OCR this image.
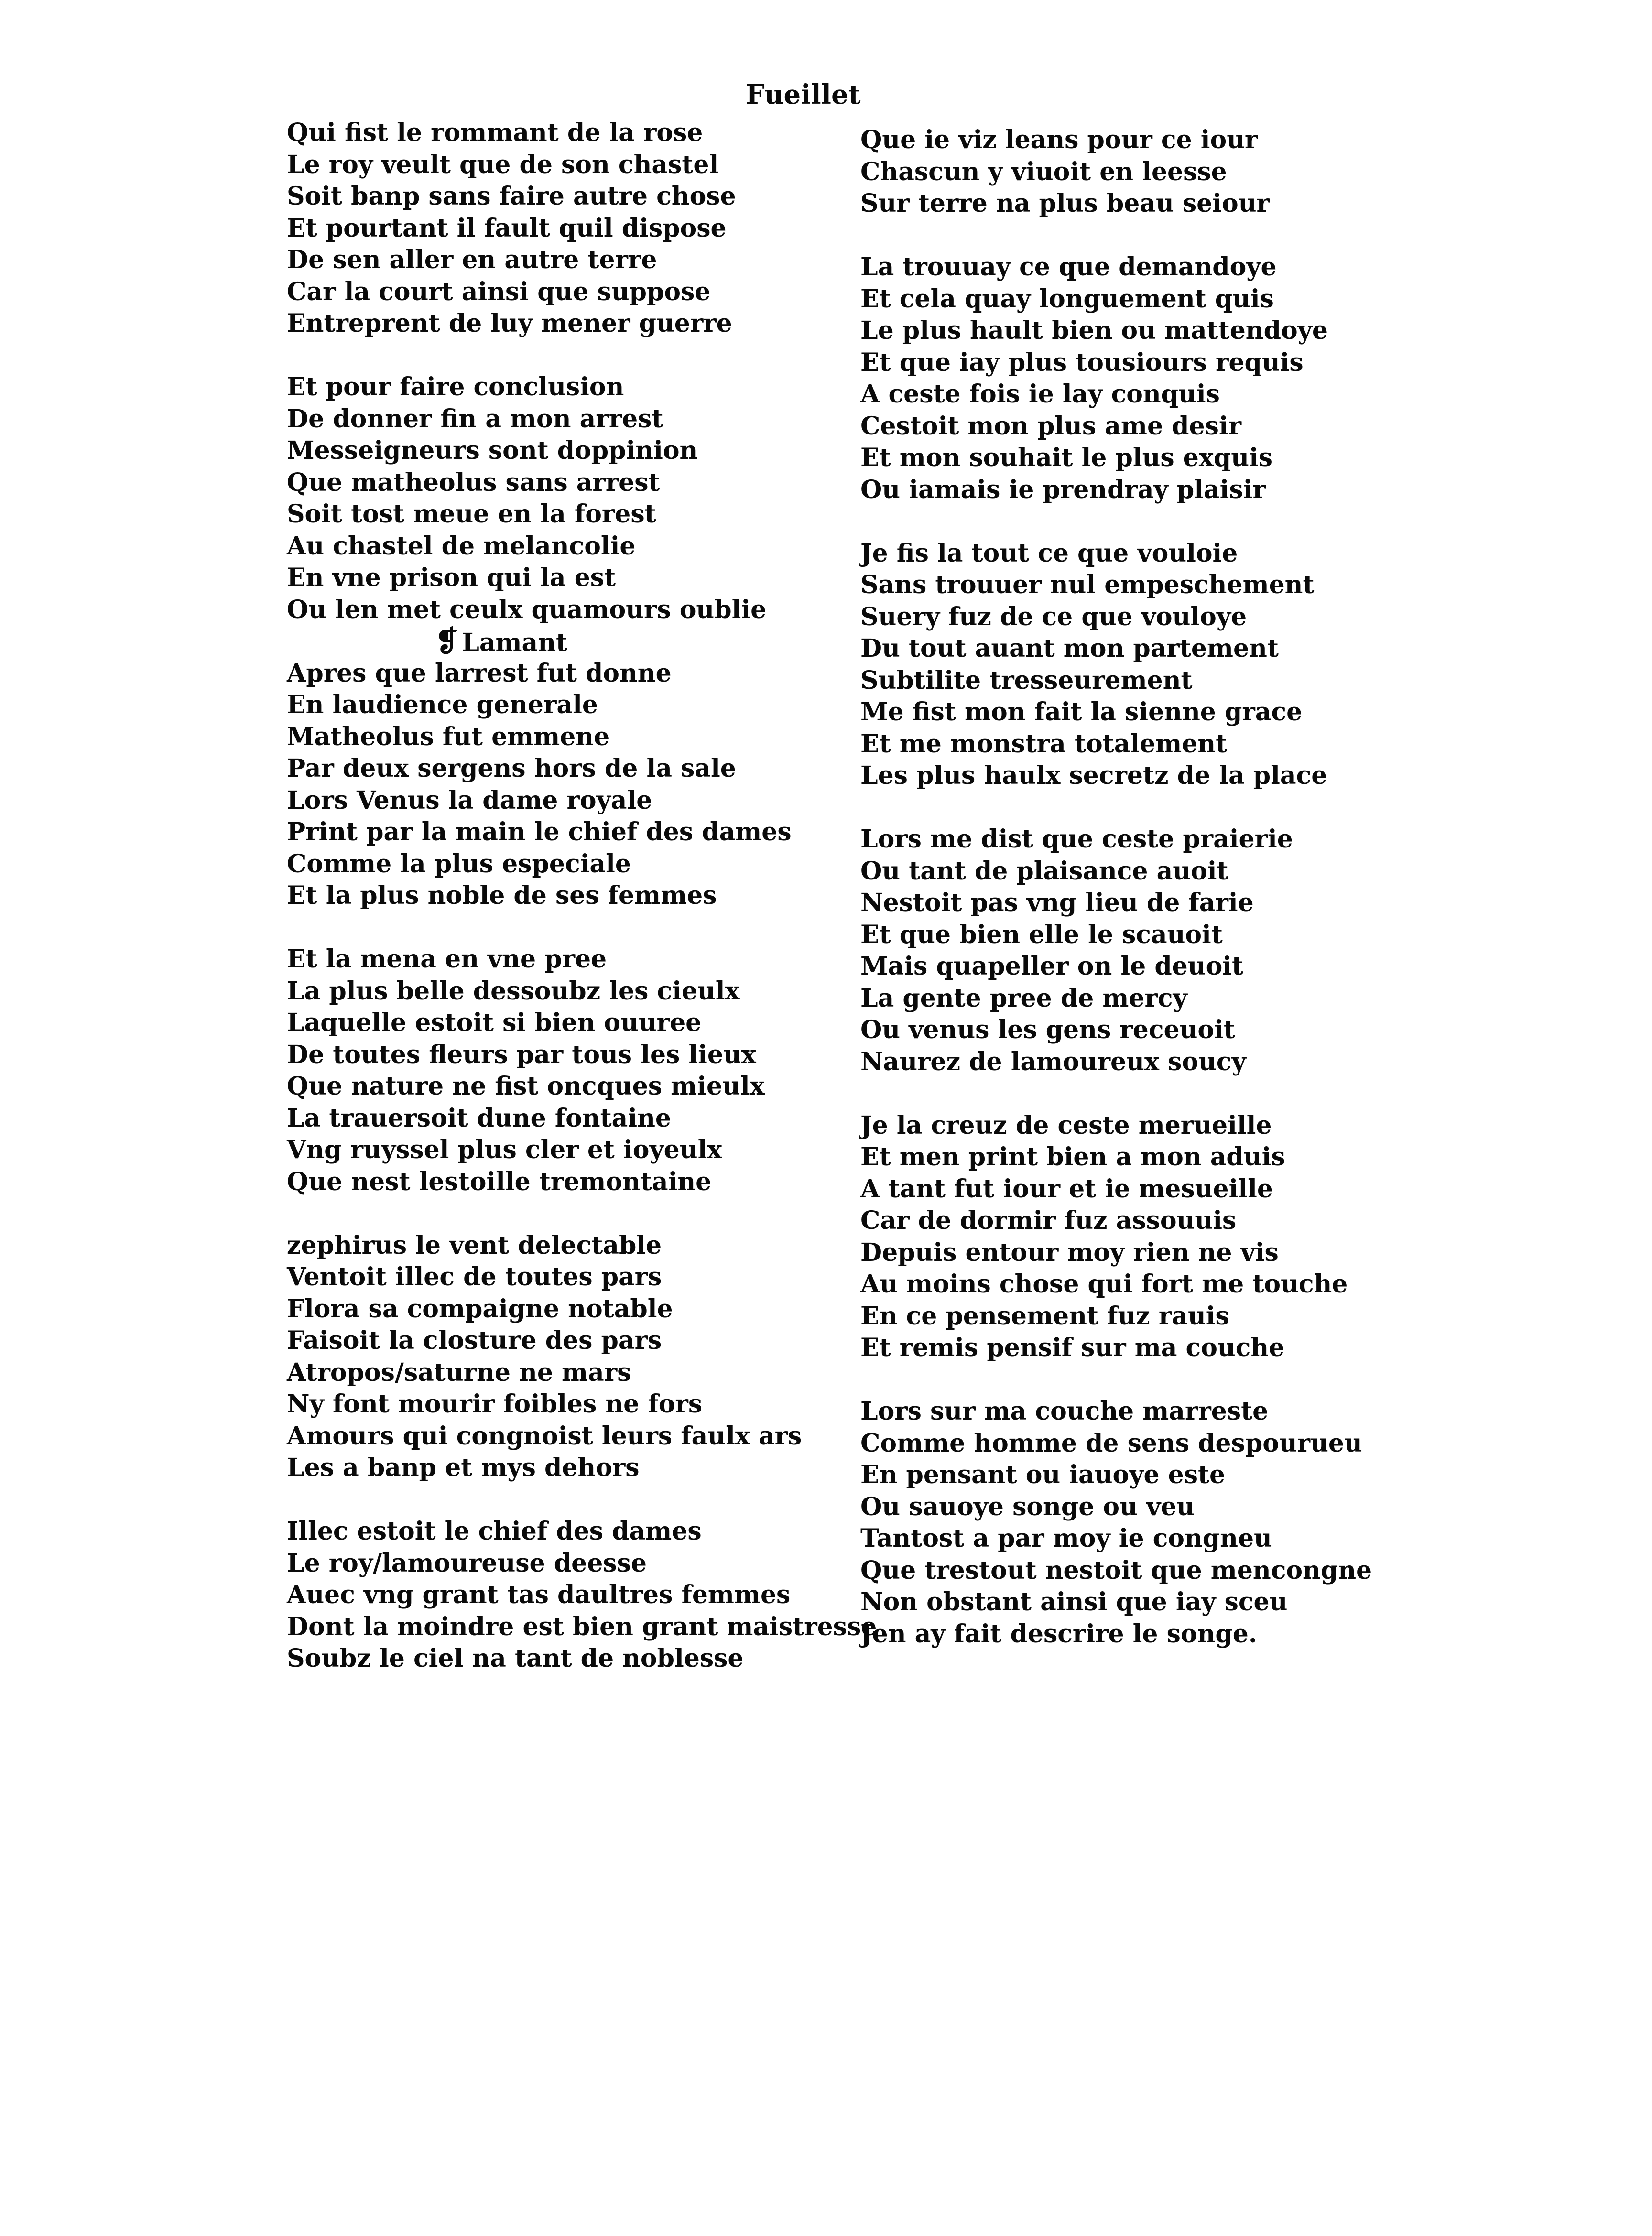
Fueillet
Qui fist le rommant de la rose
Le roy veult que de son chastel
Soit banp sans faire autre chose
Et pourtant il fault quil dispose
De sen aller en autre terre
Car la court ainsi que suppose
Entreprent de luy mener guerre
Et pour faire conclusion
De donner fin a mon arrest
Messeigneurs sont doppinion
Que matheolus sans arrest
Soit tost meue en la forest
Au chastel de melancolie
En vne prison qui la est
Ou len met ceulx quamours oublie
❡ Lamant
Apres que larrest fut donne
En laudience generale
Matheolus fut emmene
Par deux sergens hors de la sale
Lors Venus la dame royale
Print par la main le chief des dames
Comme la plus especiale
Et la plus noble de ses femmes
Et la mena en vne pree
La plus belle dessoubz les cieulx
Laquelle estoit si bien ouuree
De toutes fleurs par tous les lieux
Que nature ne fist oncques mieulx
La trauersoit dune fontaine
Vng ruyssel plus cler et ioyeulx
Que nest lestoille tremontaine
zephirus le vent delectable
Ventoit illec de toutes pars
Flora sa compaigne notable
Faisoit la closture des pars
Atropos/saturne ne mars
Ny font mourir foibles ne fors
Amours qui congnoist leurs faulx ars
Les a banp et mys dehors
Illec estoit le chief des dames
Le roy/lamoureuse deesse
Auec vng grant tas daultres femmes
Dont la moindre est bien grant maistresse
Soubz le ciel na tant de noblesse
Que ie viz leans pour ce iour
Chascun y viuoit en leesse
Sur terre na plus beau seiour
La trouuay ce que demandoye
Et cela quay longuement quis
Le plus hault bien ou mattendoye
Et que iay plus tousiours requis
A ceste fois ie lay conquis
Cestoit mon plus ame desir
Et mon souhait le plus exquis
Ou iamais ie prendray plaisir
Je fis la tout ce que vouloie
Sans trouuer nul empeschement
Suery fuz de ce que vouloye
Du tout auant mon partement
Subtilite tresseurement
Me fist mon fait la sienne grace
Et me monstra totalement
Les plus haulx secretz de la place
Lors me dist que ceste praierie
Ou tant de plaisance auoit
Nestoit pas vng lieu de farie
Et que bien elle le scauoit
Mais quapeller on le deuoit
La gente pree de mercy
Ou venus les gens receuoit
Naurez de lamoureux soucy
Je la creuz de ceste merueille
Et men print bien a mon aduis
A tant fut iour et ie mesueille
Car de dormir fuz assouuis
Depuis entour moy rien ne vis
Au moins chose qui fort me touche
En ce pensement fuz rauis
Et remis pensif sur ma couche
Lors sur ma couche marreste
Comme homme de sens despourueu
En pensant ou iauoye este
Ou sauoye songe ou veu
Tantost a par moy ie congneu
Que trestout nestoit que mencongne
Non obstant ainsi que iay sceu
Jen ay fait descrire le songe.
